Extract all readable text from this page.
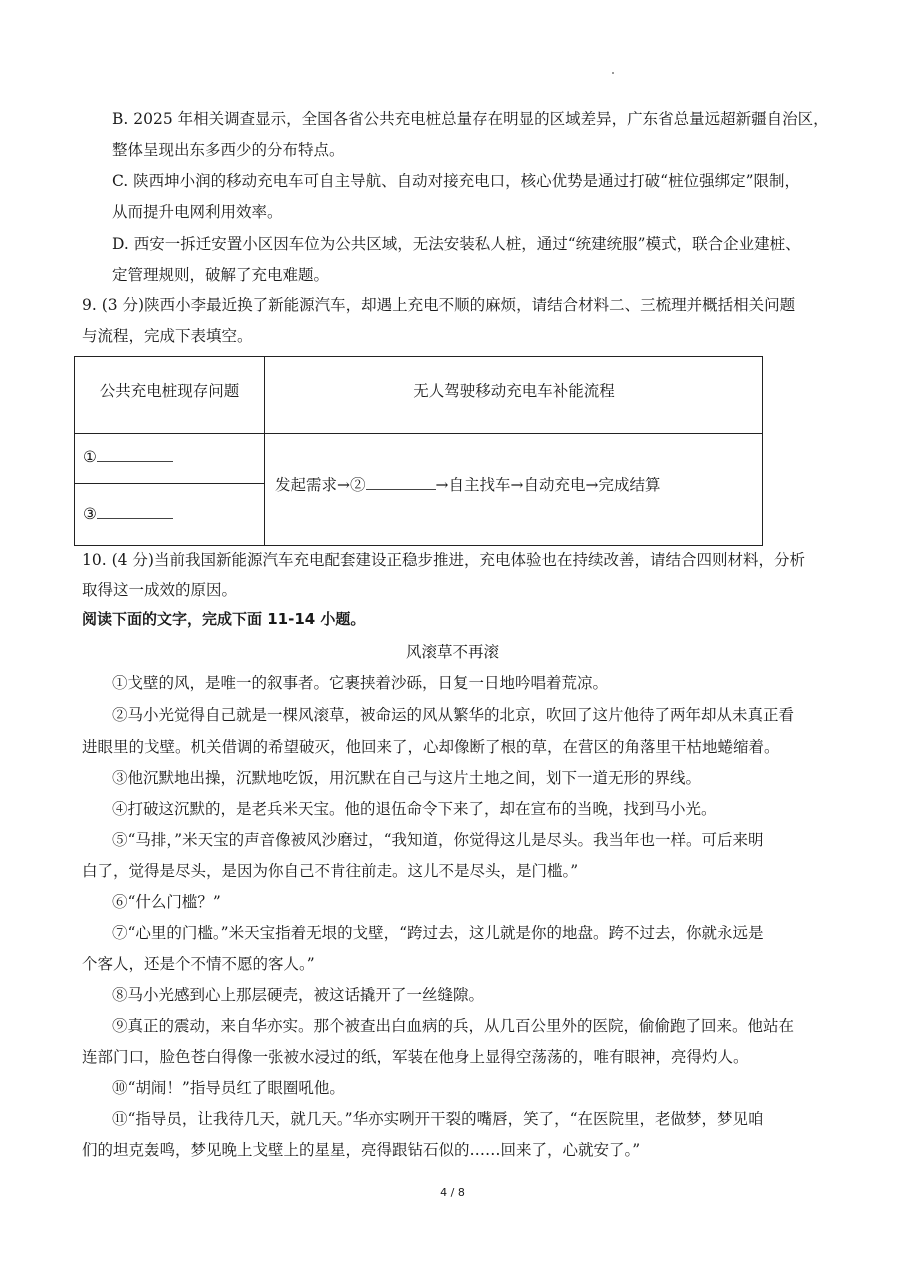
B. 2025 年相关调查显示，全国各省公共充电桩总量存在明显的区域差异，广东省总量远超新疆自治区，
整体呈现出东多西少的分布特点。
C. 陕西坤小润的移动充电车可自主导航、自动对接充电口，核心优势是通过打破“桩位强绑定”限制，
从而提升电网利用效率。
D. 西安一拆迁安置小区因车位为公共区域，无法安装私人桩，通过“统建统服”模式，联合企业建桩、
定管理规则，破解了充电难题。
9. (3 分)陕西小李最近换了新能源汽车，却遇上充电不顺的麻烦，请结合材料二、三梳理并概括相关问题
与流程，完成下表填空。
公共充电桩现存问题	无人驾驶移动充电车补能流程
①
③
发起需求→②	→自主找车→自动充电→完成结算
10. (4 分)当前我国新能源汽车充电配套建设正稳步推进，充电体验也在持续改善，请结合四则材料，分析
取得这一成效的原因。
阅读下面的文字，完成下面 11-14 小题。
风滚草不再滚
①戈壁的风，是唯一的叙事者。它裹挟着沙砾，日复一日地吟唱着荒凉。
②马小光觉得自己就是一棵风滚草，被命运的风从繁华的北京，吹回了这片他待了两年却从未真正看
进眼里的戈壁。机关借调的希望破灭，他回来了，心却像断了根的草，在营区的角落里干枯地蜷缩着。
③他沉默地出操，沉默地吃饭，用沉默在自己与这片土地之间，划下一道无形的界线。
④打破这沉默的，是老兵米天宝。他的退伍命令下来了，却在宣布的当晚，找到马小光。
⑤“马排，”米天宝的声音像被风沙磨过，“我知道，你觉得这儿是尽头。我当年也一样。可后来明
白了，觉得是尽头，是因为你自己不肯往前走。这儿不是尽头，是门槛。”
⑥“什么门槛？”
⑦“心里的门槛。”米天宝指着无垠的戈壁，“跨过去，这儿就是你的地盘。跨不过去，你就永远是
个客人，还是个不情不愿的客人。”
⑧马小光感到心上那层硬壳，被这话撬开了一丝缝隙。
⑨真正的震动，来自华亦实。那个被查出白血病的兵，从几百公里外的医院，偷偷跑了回来。他站在
连部门口，脸色苍白得像一张被水浸过的纸，军装在他身上显得空荡荡的，唯有眼神，亮得灼人。
⑩“胡闹！”指导员红了眼圈吼他。
⑪“指导员，让我待几天，就几天。”华亦实咧开干裂的嘴唇，笑了，“在医院里，老做梦，梦见咱
们的坦克轰鸣，梦见晚上戈壁上的星星，亮得跟钻石似的……回来了，心就安了。”
4 / 8
